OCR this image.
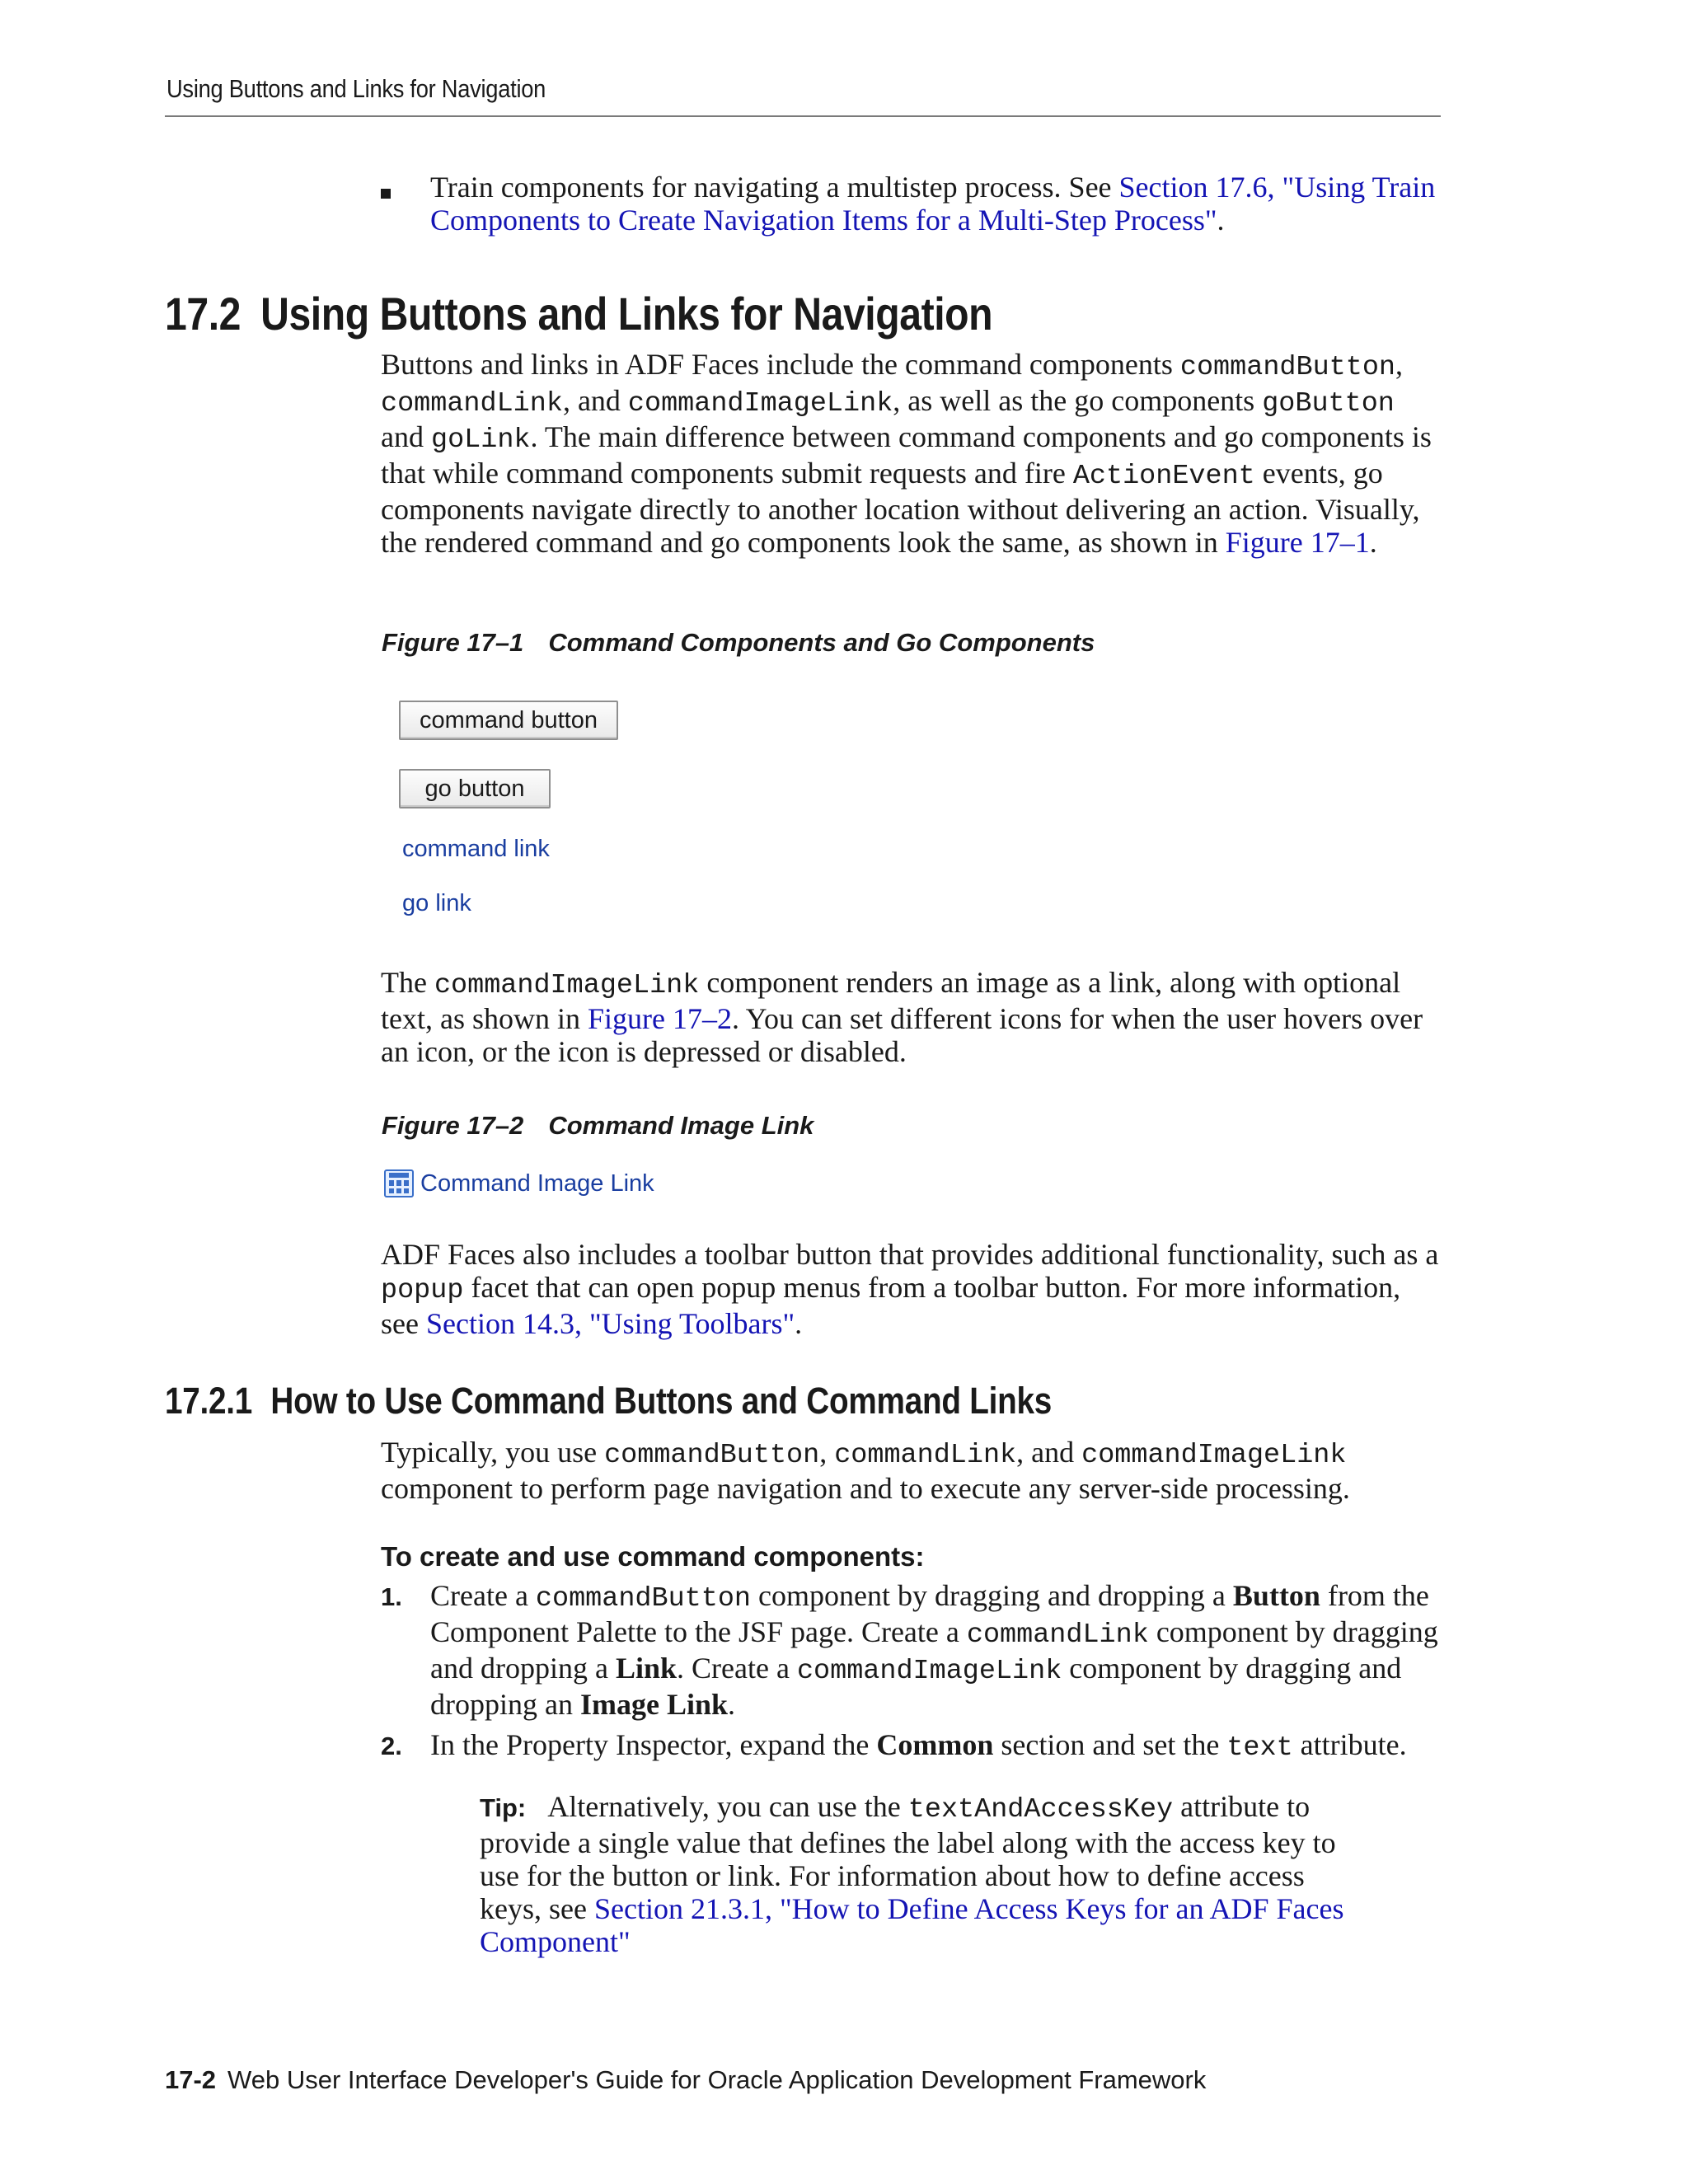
Using Buttons and Links for Navigation
Train components for navigating a multistep process. See Section 17.6, "Using Train Components to Create Navigation Items for a Multi-Step Process".
17.2 Using Buttons and Links for Navigation
Buttons and links in ADF Faces include the command components commandButton, commandLink, and commandImageLink, as well as the go components goButton and goLink. The main difference between command components and go components is that while command components submit requests and fire ActionEvent events, go components navigate directly to another location without delivering an action. Visually, the rendered command and go components look the same, as shown in Figure 17–1.
Figure 17–1 Command Components and Go Components
command button
go button
command link
go link
The commandImageLink component renders an image as a link, along with optional text, as shown in Figure 17–2. You can set different icons for when the user hovers over an icon, or the icon is depressed or disabled.
Figure 17–2 Command Image Link
Command Image Link
ADF Faces also includes a toolbar button that provides additional functionality, such as a popup facet that can open popup menus from a toolbar button. For more information, see Section 14.3, "Using Toolbars".
17.2.1 How to Use Command Buttons and Command Links
Typically, you use commandButton, commandLink, and commandImageLink component to perform page navigation and to execute any server-side processing.
To create and use command components:
1. Create a commandButton component by dragging and dropping a Button from the Component Palette to the JSF page. Create a commandLink component by dragging and dropping a Link. Create a commandImageLink component by dragging and dropping an Image Link.
2. In the Property Inspector, expand the Common section and set the text attribute.
Tip: Alternatively, you can use the textAndAccessKey attribute to provide a single value that defines the label along with the access key to use for the button or link. For information about how to define access keys, see Section 21.3.1, "How to Define Access Keys for an ADF Faces Component"
17-2 Web User Interface Developer's Guide for Oracle Application Development Framework
